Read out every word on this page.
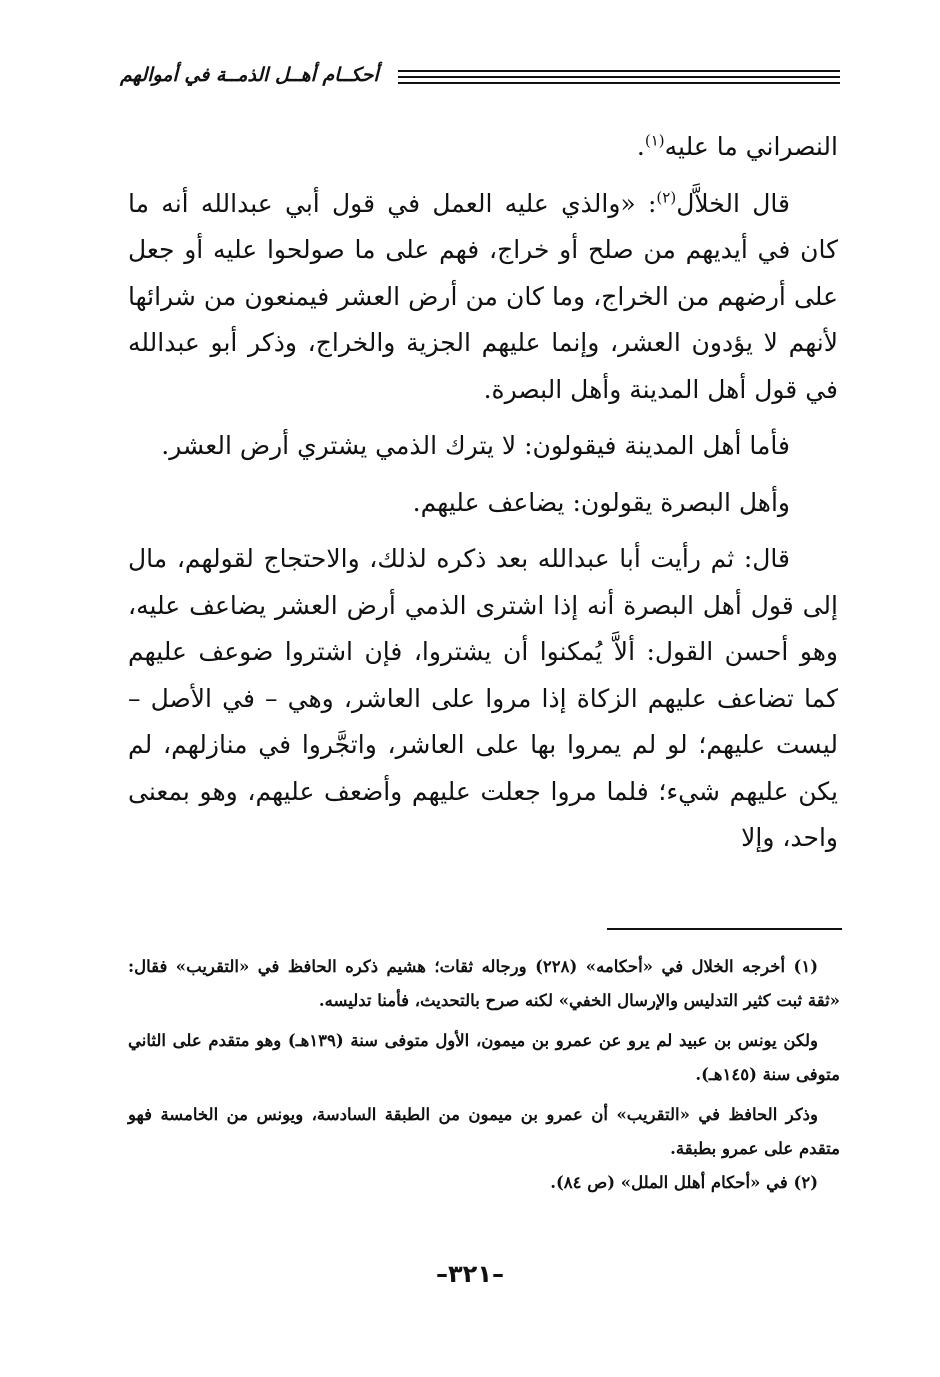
أحكــام أهــل الذمــة في أموالهم

النصراني ما عليه$^{(١)}$.

قال الخلاَّل$^{(٢)}$: «والذي عليه العمل في قول أبي عبدالله أنه ما كان في أيديهم من صلح أو خراج، فهم على ما صولحوا عليه أو جعل على أرضهم من الخراج، وما كان من أرض العشر فيمنعون من شرائها لأنهم لا يؤدون العشر، وإنما عليهم الجزية والخراج، وذكر أبو عبدالله في قول أهل المدينة وأهل البصرة.

فأما أهل المدينة فيقولون: لا يترك الذمي يشتري أرض العشر.

وأهل البصرة يقولون: يضاعف عليهم.

قال: ثم رأيت أبا عبدالله بعد ذكره لذلك، والاحتجاج لقولهم، مال إلى قول أهل البصرة أنه إذا اشترى الذمي أرض العشر يضاعف عليه، وهو أحسن القول: ألاَّ يُمكنوا أن يشتروا، فإن اشتروا ضوعف عليهم كما تضاعف عليهم الزكاة إذا مروا على العاشر، وهي – في الأصل – ليست عليهم؛ لو لم يمروا بها على العاشر، واتجَّروا في منازلهم، لم يكن عليهم شيء؛ فلما مروا جعلت عليهم وأضعف عليهم، وهو بمعنى واحد، وإلا

(١) أخرجه الخلال في «أحكامه» (٢٢٨) ورجاله ثقات؛ هشيم ذكره الحافظ في «التقريب» فقال: «ثقة ثبت كثير التدليس والإرسال الخفي» لكنه صرح بالتحديث، فأمنا تدليسه.

ولكن يونس بن عبيد لم يرو عن عمرو بن ميمون، الأول متوفى سنة (١٣٩هـ) وهو متقدم على الثاني متوفى سنة (١٤٥هـ).

وذكر الحافظ في «التقريب» أن عمرو بن ميمون من الطبقة السادسة، ويونس من الخامسة فهو متقدم على عمرو بطبقة.

(٢) في «أحكام أهلل الملل» (ص ٨٤).

–٣٢١–
